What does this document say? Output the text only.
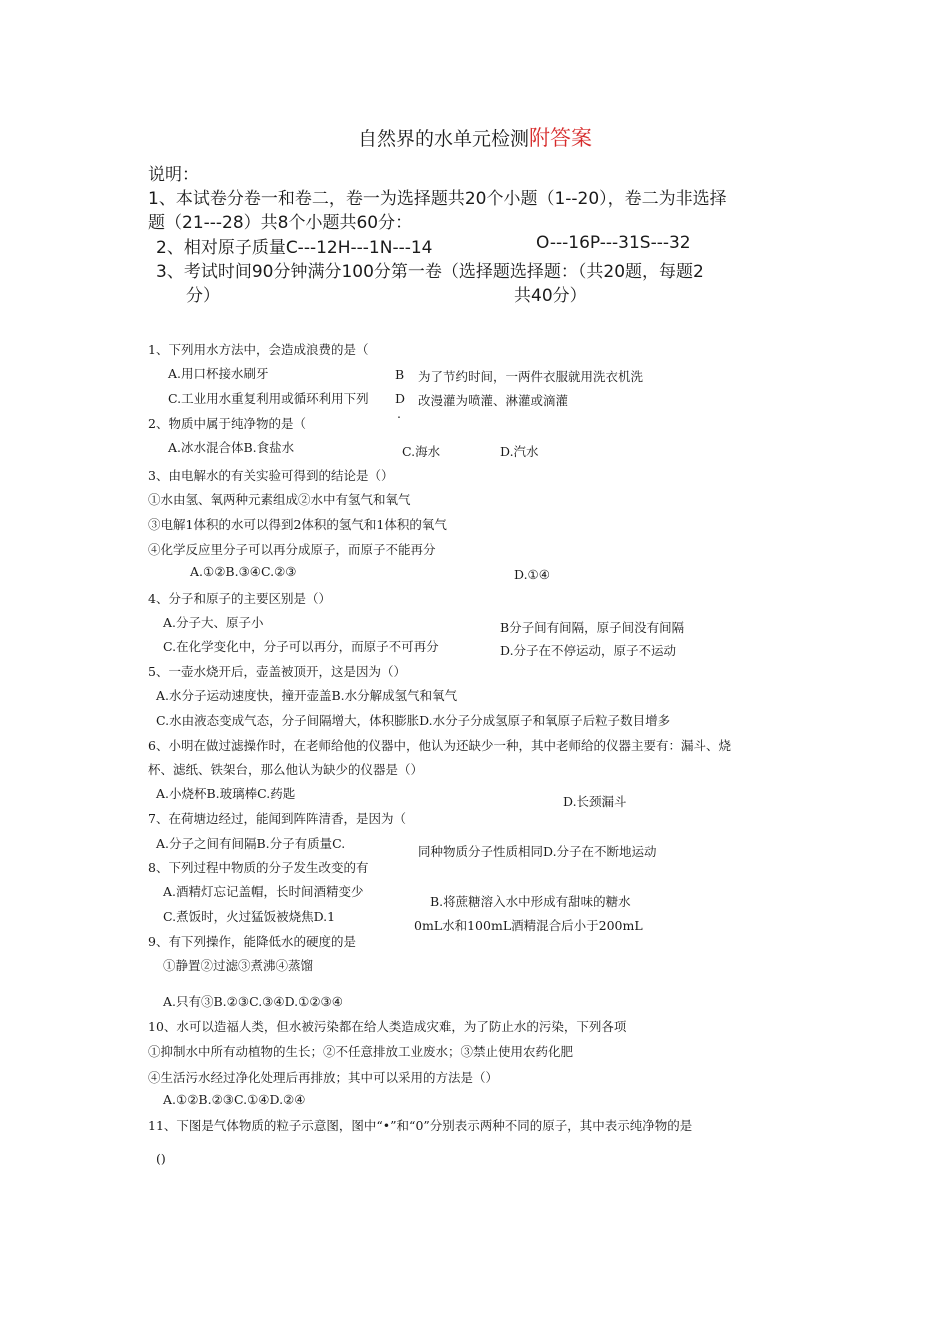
自然界的水单元检测附答案
说明：
1、本试卷分卷一和卷二，卷一为选择题共20个小题（1--20），卷二为非选择
题（21---28）共8个小题共60分：
2、相对原子质量C---12H---1N---14	O---16P---31S---32
3、考试时间90分钟满分100分第一卷（选择题选择题：（共20题，每题2
分）	共40分）
1、下列用水方法中，会造成浪费的是（
A.用口杯接水刷牙	B 为了节约时间，一两件衣服就用洗衣机洗
C.工业用水重复利用或循环利用下列 D 改漫灌为喷灌、淋灌或滴灌
.
2、物质中属于纯净物的是（
A.冰水混合体B.食盐水	C.海水	D.汽水
3、由电解水的有关实验可得到的结论是（）
①水由氢、氧两种元素组成②水中有氢气和氧气
③电解1体积的水可以得到2体积的氢气和1体积的氧气
④化学反应里分子可以再分成原子，而原子不能再分
A.①②B.③④C.②③	D.①④
4、分子和原子的主要区别是（）
A.分子大、原子小	B分子间有间隔，原子间没有间隔
C.在化学变化中，分子可以再分，而原子不可再分	D.分子在不停运动，原子不运动
5、一壶水烧开后，壶盖被顶开，这是因为（）
A.水分子运动速度快，撞开壶盖B.水分解成氢气和氧气
C.水由液态变成气态，分子间隔增大，体积膨胀D.水分子分成氢原子和氧原子后粒子数目增多
6、小明在做过滤操作时，在老师给他的仪器中，他认为还缺少一种，其中老师给的仪器主要有：漏斗、烧
杯、滤纸、铁架台，那么他认为缺少的仪器是（）
A.小烧杯B.玻璃棒C.药匙
D.长颈漏斗
7、在荷塘边经过，能闻到阵阵清香，是因为（
A.分子之间有间隔B.分子有质量C.
同种物质分子性质相同D.分子在不断地运动
8、下列过程中物质的分子发生改变的有
A.酒精灯忘记盖帽，长时间酒精变少
B.将蔗糖溶入水中形成有甜味的糖水
C.煮饭时，火过猛饭被烧焦D.1
0mL水和100mL酒精混合后小于200mL
9、有下列操作，能降低水的硬度的是
①静置②过滤③煮沸④蒸馏
A.只有③B.②③C.③④D.①②③④
10、水可以造福人类，但水被污染都在给人类造成灾难，为了防止水的污染，下列各项
①抑制水中所有动植物的生长；②不任意排放工业废水；③禁止使用农药化肥
④生活污水经过净化处理后再排放；其中可以采用的方法是（）
A.①②B.②③C.①④D.②④
11、下图是气体物质的粒子示意图，图中“•”和“0”分别表示两种不同的原子，其中表示纯净物的是
()
